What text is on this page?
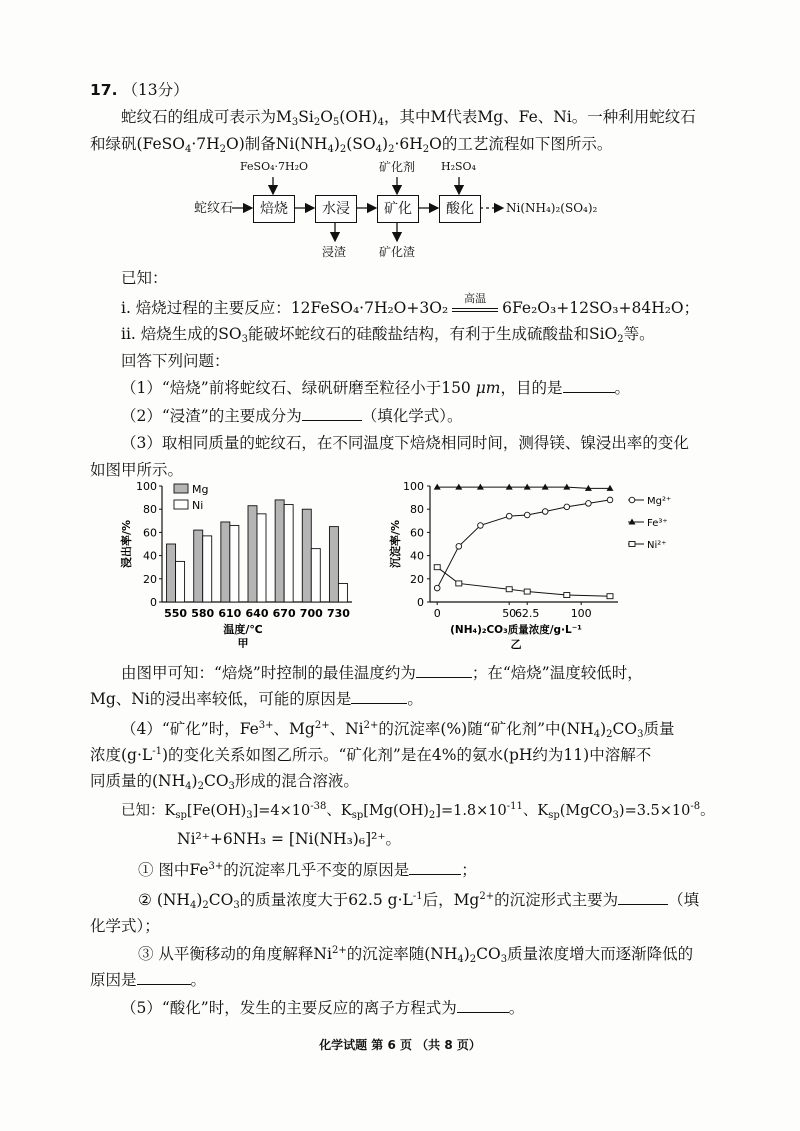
17. （13分）
蛇纹石的组成可表示为$M_3Si_2O_5(OH)_4$，其中M代表Mg、Fe、Ni。一种利用蛇纹石
和绿矾$(FeSO_4\cdot 7H_2O)$制备$Ni(NH_4)_2(SO_4)_2\cdot 6H_2O$的工艺流程如下图所示。
蛇纹石	焙烧	水浸	矿化	酸化	Ni(NH₄)₂(SO₄)₂
FeSO₄·7H₂O	矿化剂 H₂SO₄
浸渣	矿化渣
已知：
i. 焙烧过程的主要反应：12FeSO₄·7H₂O+3O₂
高温
6Fe₂O₃+12SO₃+84H₂O；
ii. 焙烧生成的$SO_3$能破坏蛇纹石的硅酸盐结构，有利于生成硫酸盐和SiO$_2$等。
回答下列问题：
（1）“焙烧”前将蛇纹石、绿矾研磨至粒径小于150 μm，目的是	。
（2）“浸渣”的主要成分为	（填化学式）。
（3）取相同质量的蛇纹石，在不同温度下焙烧相同时间，测得镁、镍浸出率的变化
如图甲所示。
0
20
40
60
80
100
550 580 610 640 670 700 730
温度/℃
甲
浸出率/%
Mg
Ni
0
20
40
60
80
100
0	50
62.5	100
(NH₄)₂CO₃质量浓度/g·L⁻¹
乙
沉淀率/%
Mg²⁺
Fe³⁺
Ni²⁺
由图甲可知：“焙烧”时控制的最佳温度约为	；在“焙烧”温度较低时，
Mg、Ni的浸出率较低，可能的原因是	。
（4）“矿化”时，$Fe^{3+}$、$Mg^{2+}$、$Ni^{2+}$的沉淀率(%)随“矿化剂”中$(NH_4)_2CO_3$质量
浓度$(g\cdot L^{-1})$的变化关系如图乙所示。“矿化剂”是在4%的氨水(pH约为11)中溶解不
同质量的$(NH_4)_2CO_3$形成的混合溶液。
已知：$K_{sp}[Fe(OH)_3]=4\times 10^{-38}$、$K_{sp}[Mg(OH)_2]=1.8\times 10^{-11}$、$K_{sp}(MgCO_3)=3.5\times 10^{-8}$。
Ni²⁺+6NH₃ = [Ni(NH₃)₆]²⁺。
① 图中$Fe^{3+}$的沉淀率几乎不变的原因是	；
② $(NH_4)_2CO_3$的质量浓度大于62.5 $g\cdot L^{-1}$后，$Mg^{2+}$的沉淀形式主要为	（填
化学式）；
③ 从平衡移动的角度解释$Ni^{2+}$的沉淀率随$(NH_4)_2CO_3$质量浓度增大而逐渐降低的
原因是	。
（5）“酸化”时，发生的主要反应的离子方程式为	。
化学试题 第 6 页 （共 8 页）
